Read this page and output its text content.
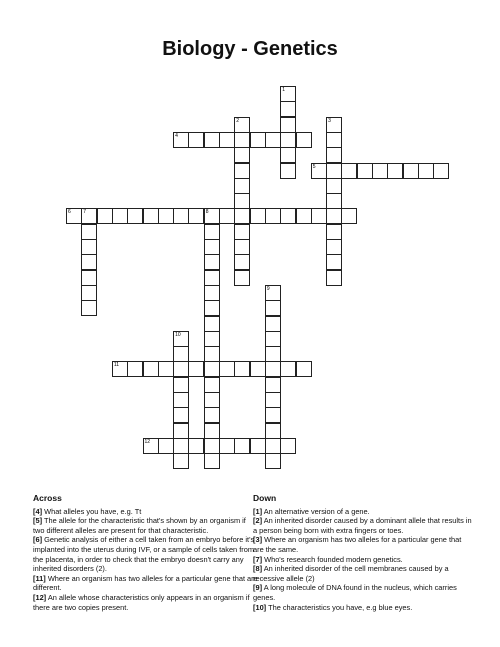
Biology - Genetics
1
2	3
4
5
6	7	8
9
10
11
12
Across

[4] What alleles you have, e.g. Tt

[5] The allele for the characteristic that's shown by an organism if two different alleles are present for that characteristic.

[6] Genetic analysis of either a cell taken from an embryo before it's implanted into the uterus during IVF, or a sample of cells taken from the placenta, in order to check that the embryo doesn't carry any inherited disorders (2).

[11] Where an organism has two alleles for a particular gene that are different.

[12] An allele whose characteristics only appears in an organism if there are two copies present.

Down

[1] An alternative version of a gene.

[2] An inherited disorder caused by a dominant allele that results in a person being born with extra fingers or toes.

[3] Where an organism has two alleles for a particular gene that are the same.

[7] Who's research founded modern genetics.

[8] An inherited disorder of the cell membranes caused by a recessive allele (2)

[9] A long molecule of DNA found in the nucleus, which carries genes.

[10] The characteristics you have, e.g blue eyes.
